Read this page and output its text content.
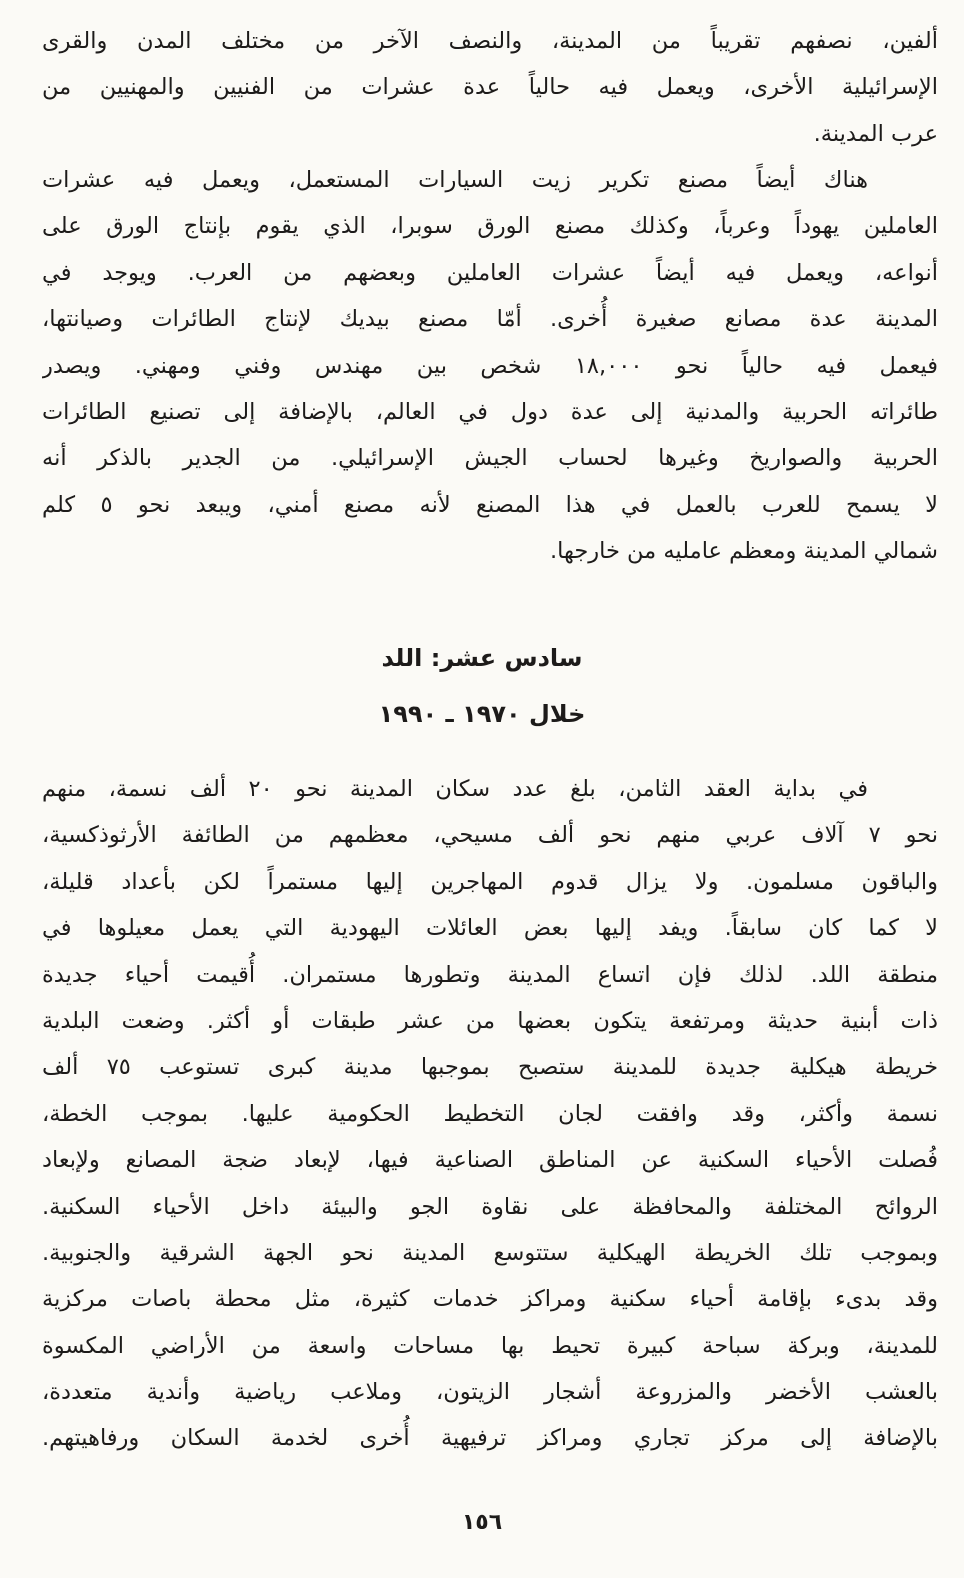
ألفين، نصفهم تقريباً من المدينة، والنصف الآخر من مختلف المدن والقرى
الإسرائيلية الأخرى، ويعمل فيه حالياً عدة عشرات من الفنيين والمهنيين من
عرب المدينة.
هناك أيضاً مصنع تكرير زيت السيارات المستعمل، ويعمل فيه عشرات
العاملين يهوداً وعرباً، وكذلك مصنع الورق سوبرا، الذي يقوم بإنتاج الورق على
أنواعه، ويعمل فيه أيضاً عشرات العاملين وبعضهم من العرب. ويوجد في
المدينة عدة مصانع صغيرة أُخرى. أمّا مصنع بيديك لإنتاج الطائرات وصيانتها،
فيعمل فيه حالياً نحو ١٨,٠٠٠ شخص بين مهندس وفني ومهني. ويصدر
طائراته الحربية والمدنية إلى عدة دول في العالم، بالإضافة إلى تصنيع الطائرات
الحربية والصواريخ وغيرها لحساب الجيش الإسرائيلي. من الجدير بالذكر أنه
لا يسمح للعرب بالعمل في هذا المصنع لأنه مصنع أمني، ويبعد نحو ٥ كلم
شمالي المدينة ومعظم عامليه من خارجها.
سادس عشر: اللد
خلال ١٩٧٠ ـ ١٩٩٠
في بداية العقد الثامن، بلغ عدد سكان المدينة نحو ٢٠ ألف نسمة، منهم
نحو ٧ آلاف عربي منهم نحو ألف مسيحي، معظمهم من الطائفة الأرثوذكسية،
والباقون مسلمون. ولا يزال قدوم المهاجرين إليها مستمراً لكن بأعداد قليلة،
لا كما كان سابقاً. ويفد إليها بعض العائلات اليهودية التي يعمل معيلوها في
منطقة اللد. لذلك فإن اتساع المدينة وتطورها مستمران. أُقيمت أحياء جديدة
ذات أبنية حديثة ومرتفعة يتكون بعضها من عشر طبقات أو أكثر. وضعت البلدية
خريطة هيكلية جديدة للمدينة ستصبح بموجبها مدينة كبرى تستوعب ٧٥ ألف
نسمة وأكثر، وقد وافقت لجان التخطيط الحكومية عليها. بموجب الخطة،
فُصلت الأحياء السكنية عن المناطق الصناعية فيها، لإبعاد ضجة المصانع ولإبعاد
الروائح المختلفة والمحافظة على نقاوة الجو والبيئة داخل الأحياء السكنية.
وبموجب تلك الخريطة الهيكلية ستتوسع المدينة نحو الجهة الشرقية والجنوبية.
وقد بدىء بإقامة أحياء سكنية ومراكز خدمات كثيرة، مثل محطة باصات مركزية
للمدينة، وبركة سباحة كبيرة تحيط بها مساحات واسعة من الأراضي المكسوة
بالعشب الأخضر والمزروعة أشجار الزيتون، وملاعب رياضية وأندية متعددة،
بالإضافة إلى مركز تجاري ومراكز ترفيهية أُخرى لخدمة السكان ورفاهيتهم.
١٥٦
